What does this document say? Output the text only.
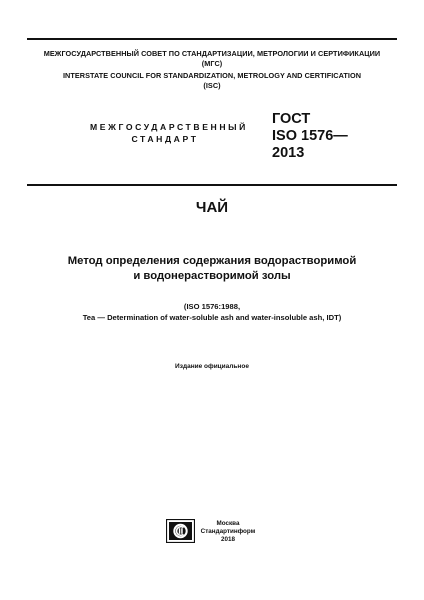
МЕЖГОСУДАРСТВЕННЫЙ СОВЕТ ПО СТАНДАРТИЗАЦИИ, МЕТРОЛОГИИ И СЕРТИФИКАЦИИ
(МГС)
INTERSTATE COUNCIL FOR STANDARDIZATION, METROLOGY AND CERTIFICATION
(ISC)
МЕЖГОСУДАРСТВЕННЫЙ
СТАНДАРТ
ГОСТ
ISO 1576—
2013
ЧАЙ
Метод определения содержания водорастворимой
и водонерастворимой золы
(ISO 1576:1988,
Tea — Determination of water-soluble ash and water-insoluble ash, IDT)
Издание официальное
Москва
Стандартинформ
2018
